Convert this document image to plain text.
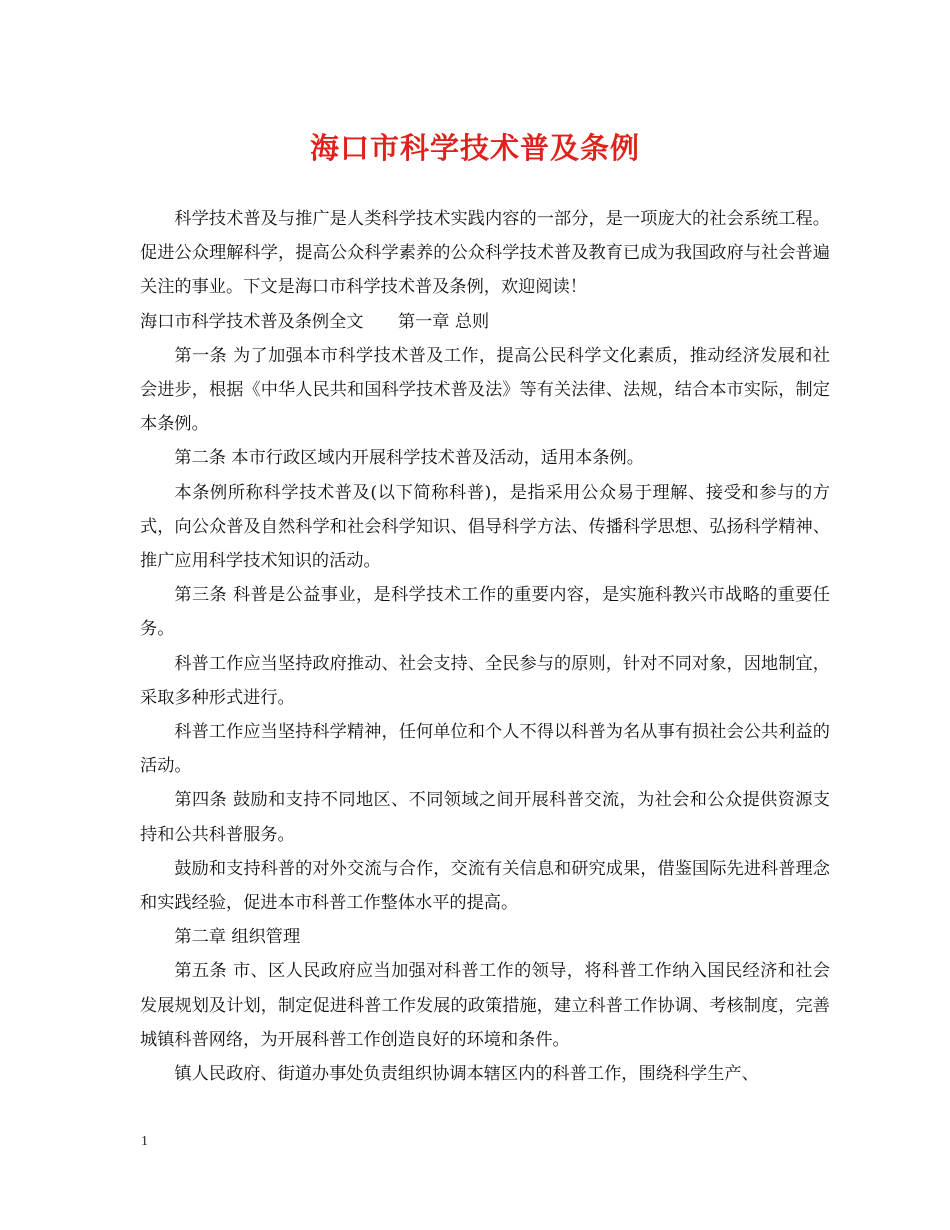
海口市科学技术普及条例

科学技术普及与推广是人类科学技术实践内容的一部分，是一项庞大的社会系统工程。促进公众理解科学，提高公众科学素养的公众科学技术普及教育已成为我国政府与社会普遍关注的事业。下文是海口市科学技术普及条例，欢迎阅读！

海口市科学技术普及条例全文　　第一章 总则

第一条 为了加强本市科学技术普及工作，提高公民科学文化素质，推动经济发展和社会进步，根据《中华人民共和国科学技术普及法》等有关法律、法规，结合本市实际，制定本条例。

第二条 本市行政区域内开展科学技术普及活动，适用本条例。

本条例所称科学技术普及(以下简称科普)，是指采用公众易于理解、接受和参与的方式，向公众普及自然科学和社会科学知识、倡导科学方法、传播科学思想、弘扬科学精神、推广应用科学技术知识的活动。

第三条 科普是公益事业，是科学技术工作的重要内容，是实施科教兴市战略的重要任务。

科普工作应当坚持政府推动、社会支持、全民参与的原则，针对不同对象，因地制宜，采取多种形式进行。

科普工作应当坚持科学精神，任何单位和个人不得以科普为名从事有损社会公共利益的活动。

第四条 鼓励和支持不同地区、不同领域之间开展科普交流，为社会和公众提供资源支持和公共科普服务。

鼓励和支持科普的对外交流与合作，交流有关信息和研究成果，借鉴国际先进科普理念和实践经验，促进本市科普工作整体水平的提高。

第二章 组织管理

第五条 市、区人民政府应当加强对科普工作的领导，将科普工作纳入国民经济和社会发展规划及计划，制定促进科普工作发展的政策措施，建立科普工作协调、考核制度，完善城镇科普网络，为开展科普工作创造良好的环境和条件。

镇人民政府、街道办事处负责组织协调本辖区内的科普工作，围绕科学生产、

1
